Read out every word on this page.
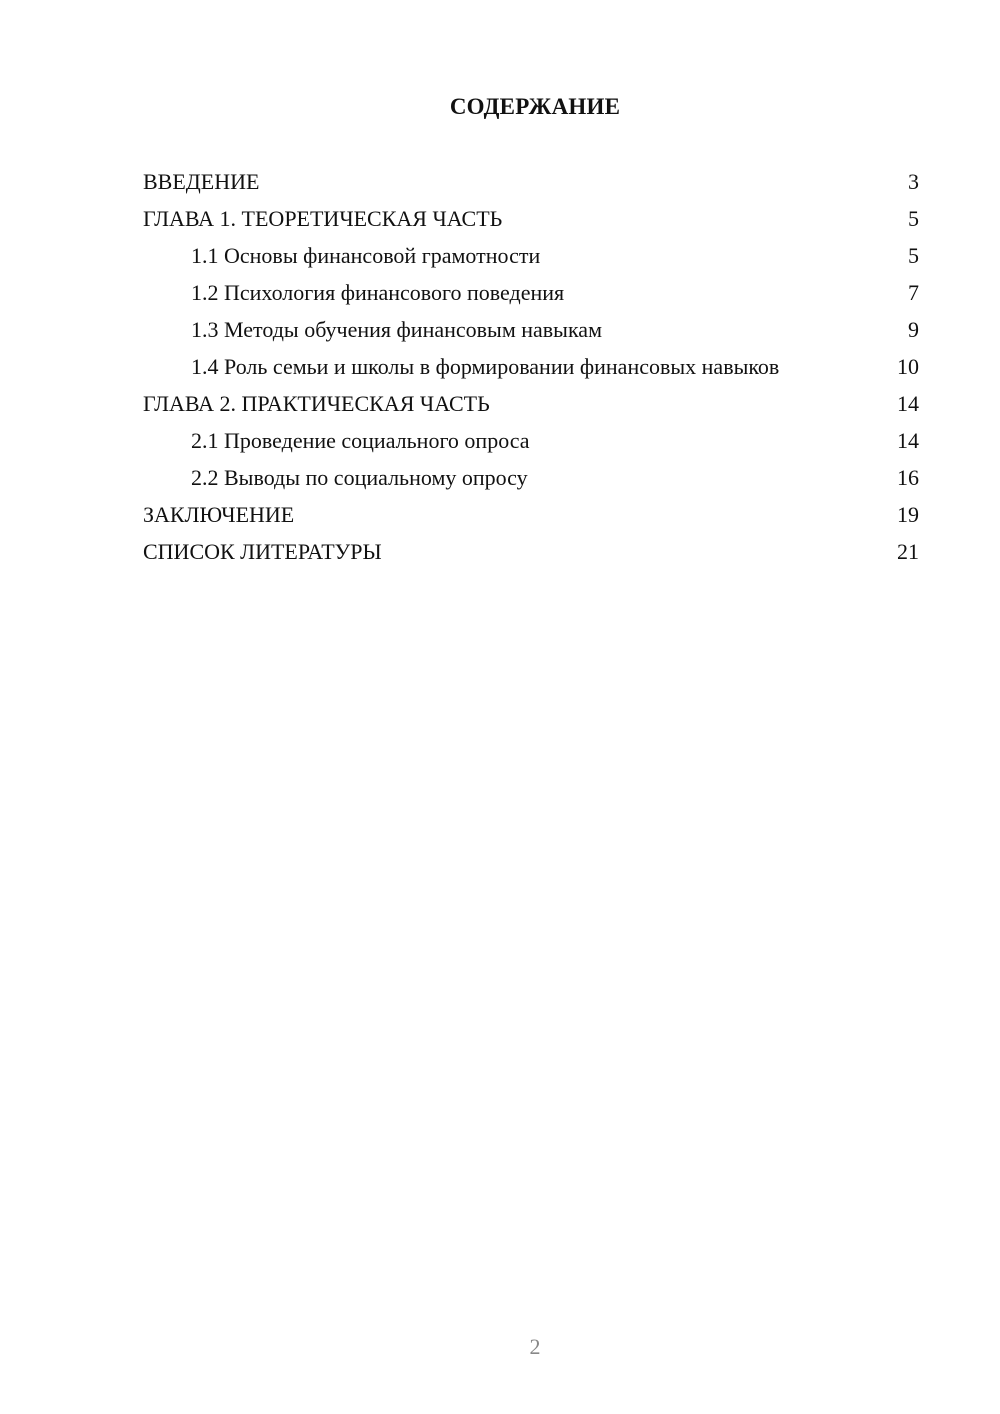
СОДЕРЖАНИЕ
ВВЕДЕНИЕ	3
ГЛАВА 1. ТЕОРЕТИЧЕСКАЯ ЧАСТЬ	5
1.1 Основы финансовой грамотности	5
1.2 Психология финансового поведения	7
1.3 Методы обучения финансовым навыкам	9
1.4 Роль семьи и школы в формировании финансовых навыков	10
ГЛАВА 2. ПРАКТИЧЕСКАЯ ЧАСТЬ	14
2.1 Проведение социального опроса	14
2.2 Выводы по социальному опросу	16
ЗАКЛЮЧЕНИЕ	19
СПИСОК ЛИТЕРАТУРЫ	21
2
